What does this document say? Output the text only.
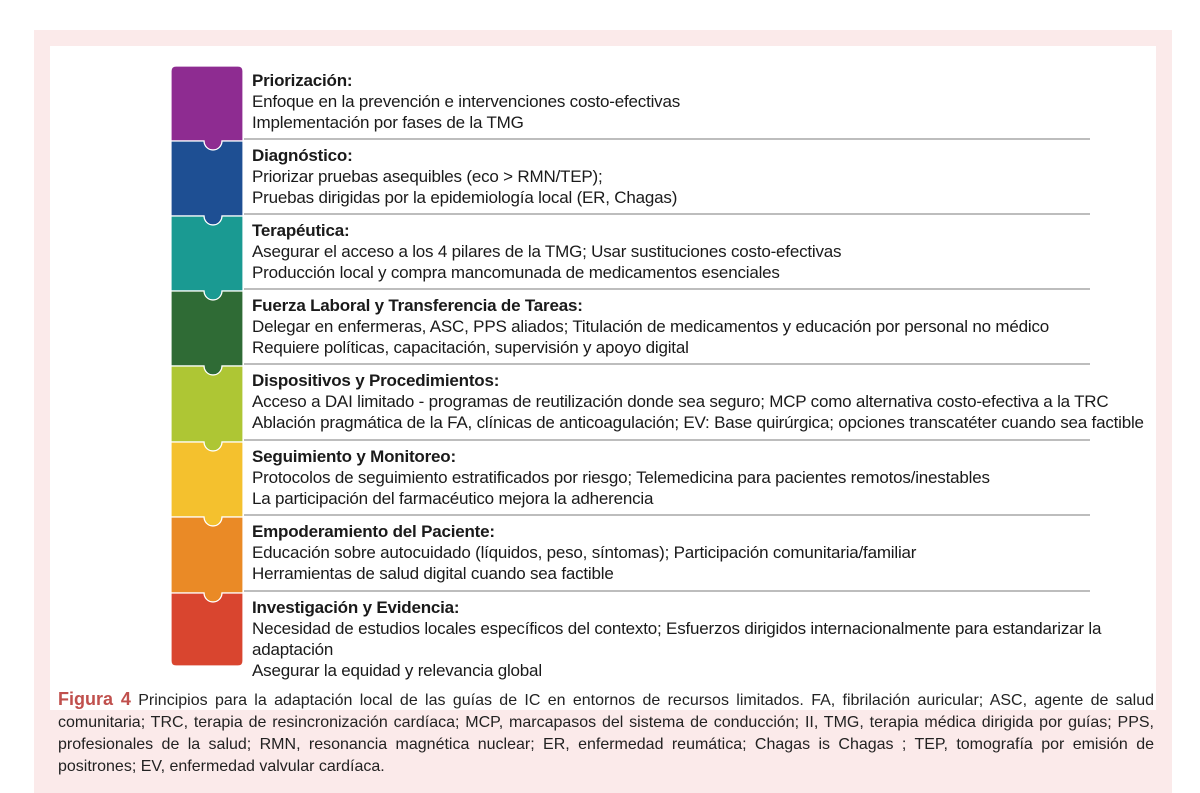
Priorización:
Enfoque en la prevención e intervenciones costo-efectivas
Implementación por fases de la TMG
Diagnóstico:
Priorizar pruebas asequibles (eco > RMN/TEP);
Pruebas dirigidas por la epidemiología local (ER, Chagas)
Terapéutica:
Asegurar el acceso a los 4 pilares de la TMG; Usar sustituciones costo-efectivas
Producción local y compra mancomunada de medicamentos esenciales
Fuerza Laboral y Transferencia de Tareas:
Delegar en enfermeras, ASC, PPS aliados; Titulación de medicamentos y educación por personal no médico
Requiere políticas, capacitación, supervisión y apoyo digital
Dispositivos y Procedimientos:
Acceso a DAI limitado - programas de reutilización donde sea seguro; MCP como alternativa costo-efectiva a la TRC
Ablación pragmática de la FA, clínicas de anticoagulación; EV: Base quirúrgica; opciones transcatéter cuando sea factible
Seguimiento y Monitoreo:
Protocolos de seguimiento estratificados por riesgo; Telemedicina para pacientes remotos/inestables
La participación del farmacéutico mejora la adherencia
Empoderamiento del Paciente:
Educación sobre autocuidado (líquidos, peso, síntomas); Participación comunitaria/familiar
Herramientas de salud digital cuando sea factible
Investigación y Evidencia:
Necesidad de estudios locales específicos del contexto; Esfuerzos dirigidos internacionalmente para estandarizar la adaptación
Asegurar la equidad y relevancia global
Figura 4 Principios para la adaptación local de las guías de IC en entornos de recursos limitados. FA, fibrilación auricular; ASC, agente de salud comunitaria; TRC, terapia de resincronización cardíaca; MCP, marcapasos del sistema de conducción; II, TMG, terapia médica dirigida por guías; PPS, profesionales de la salud; RMN, resonancia magnética nuclear; ER, enfermedad reumática; Chagas is Chagas ; TEP, tomografía por emisión de positrones; EV, enfermedad valvular cardíaca.
